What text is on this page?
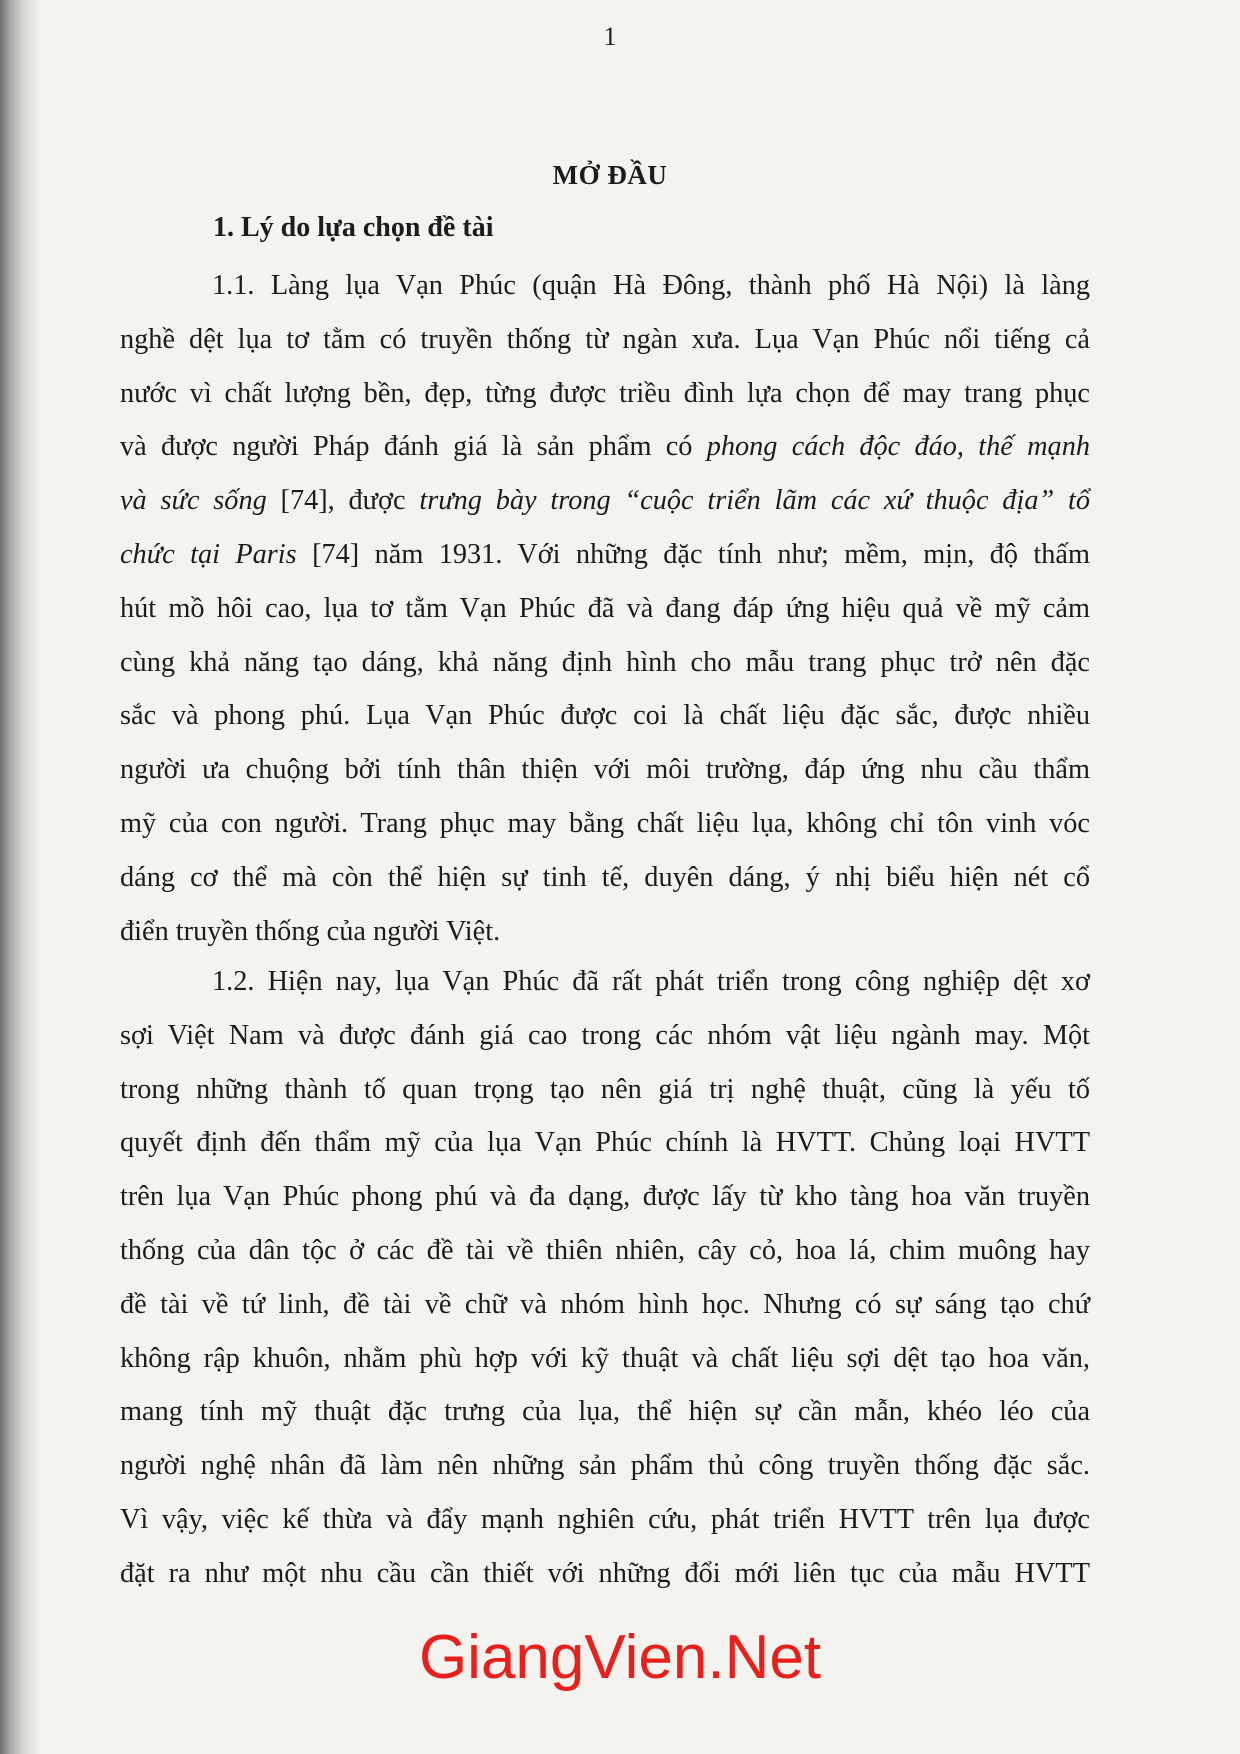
1
MỞ ĐẦU
1. Lý do lựa chọn đề tài
1.1. Làng lụa Vạn Phúc (quận Hà Đông, thành phố Hà Nội) là làng
nghề dệt lụa tơ tằm có truyền thống từ ngàn xưa. Lụa Vạn Phúc nổi tiếng cả
nước vì chất lượng bền, đẹp, từng được triều đình lựa chọn để may trang phục
và được người Pháp đánh giá là sản phẩm có phong cách độc đáo, thế mạnh
và sức sống [74], được trưng bày trong “cuộc triển lãm các xứ thuộc địa” tổ
chức tại Paris [74] năm 1931. Với những đặc tính như; mềm, mịn, độ thấm
hút mồ hôi cao, lụa tơ tằm Vạn Phúc đã và đang đáp ứng hiệu quả về mỹ cảm
cùng khả năng tạo dáng, khả năng định hình cho mẫu trang phục trở nên đặc
sắc và phong phú. Lụa Vạn Phúc được coi là chất liệu đặc sắc, được nhiều
người ưa chuộng bởi tính thân thiện với môi trường, đáp ứng nhu cầu thẩm
mỹ của con người. Trang phục may bằng chất liệu lụa, không chỉ tôn vinh vóc
dáng cơ thể mà còn thể hiện sự tinh tế, duyên dáng, ý nhị biểu hiện nét cổ
điển truyền thống của người Việt.
1.2. Hiện nay, lụa Vạn Phúc đã rất phát triển trong công nghiệp dệt xơ
sợi Việt Nam và được đánh giá cao trong các nhóm vật liệu ngành may. Một
trong những thành tố quan trọng tạo nên giá trị nghệ thuật, cũng là yếu tố
quyết định đến thẩm mỹ của lụa Vạn Phúc chính là HVTT. Chủng loại HVTT
trên lụa Vạn Phúc phong phú và đa dạng, được lấy từ kho tàng hoa văn truyền
thống của dân tộc ở các đề tài về thiên nhiên, cây cỏ, hoa lá, chim muông hay
đề tài về tứ linh, đề tài về chữ và nhóm hình học. Nhưng có sự sáng tạo chứ
không rập khuôn, nhằm phù hợp với kỹ thuật và chất liệu sợi dệt tạo hoa văn,
mang tính mỹ thuật đặc trưng của lụa, thể hiện sự cần mẫn, khéo léo của
người nghệ nhân đã làm nên những sản phẩm thủ công truyền thống đặc sắc.
Vì vậy, việc kế thừa và đẩy mạnh nghiên cứu, phát triển HVTT trên lụa được
đặt ra như một nhu cầu cần thiết với những đổi mới liên tục của mẫu HVTT
GiangVien.Net
